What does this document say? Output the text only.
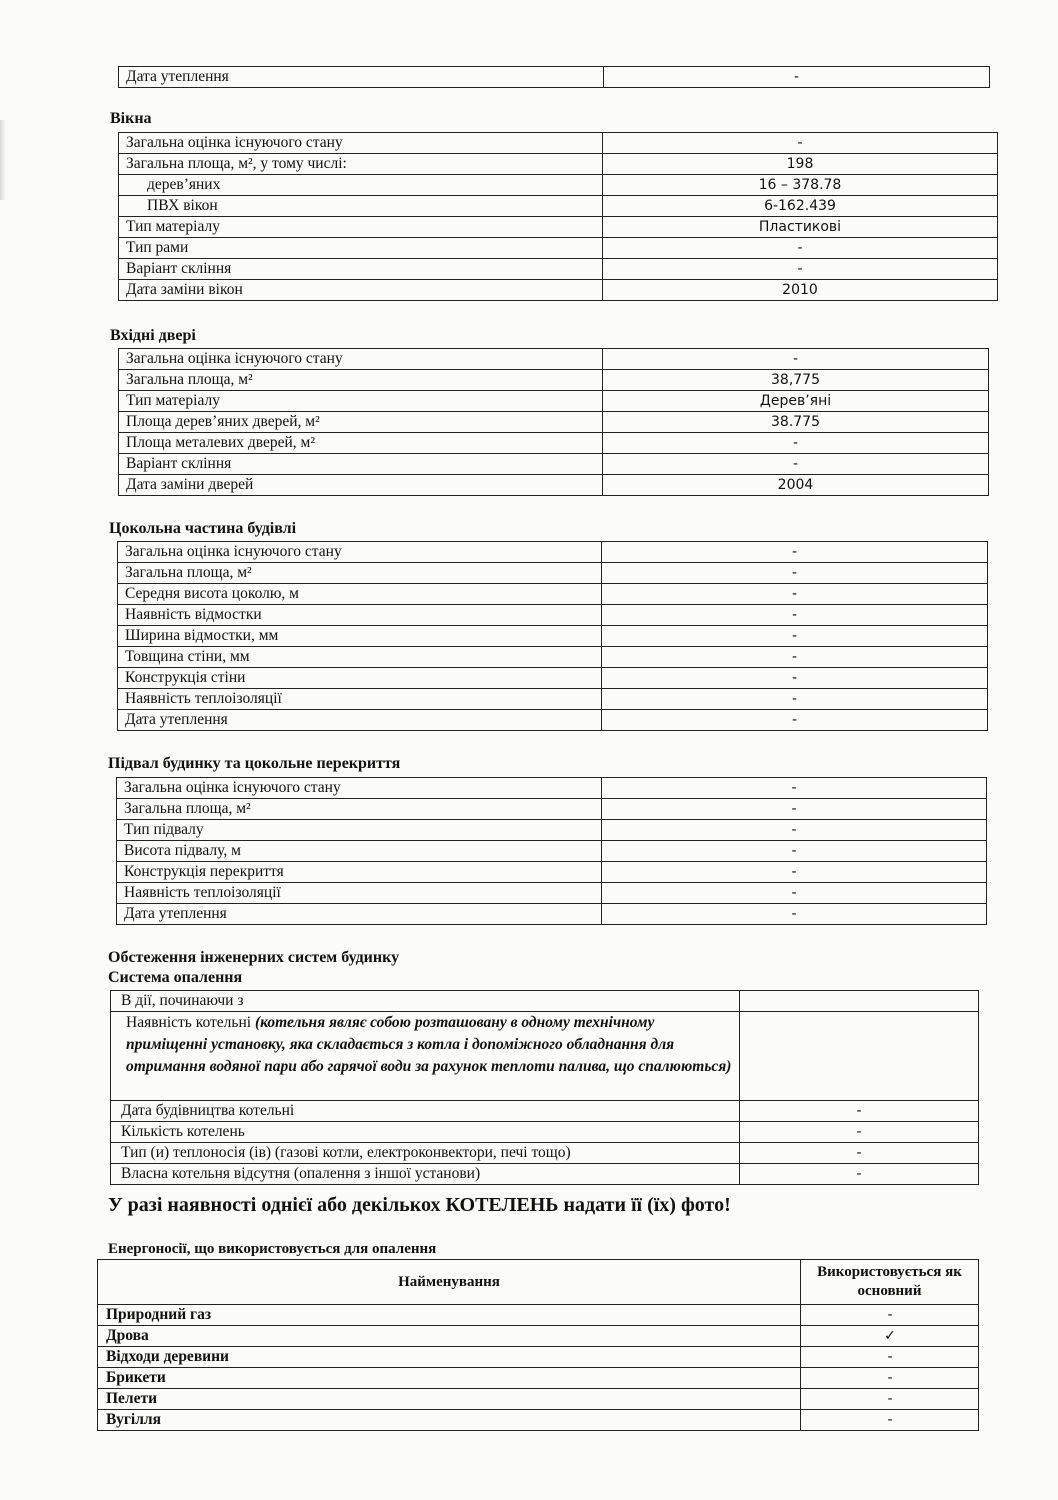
Дата утеплення	-
Вікна
Загальна оцінка існуючого стану	-
Загальна площа, м², у тому числі:	198
дерев’яних	16 – 378.78
ПВХ вікон	6-162.439
Тип матеріалу	Пластикові
Тип рами	-
Варіант скління	-
Дата заміни вікон	2010
Вхідні двері
Загальна оцінка існуючого стану	-
Загальна площа, м²	38,775
Тип матеріалу	Дерев’яні
Площа дерев’яних дверей, м²	38.775
Площа металевих дверей, м²	-
Варіант скління	-
Дата заміни дверей	2004
Цокольна частина будівлі
Загальна оцінка існуючого стану	-
Загальна площа, м²	-
Середня висота цоколю, м	-
Наявність відмостки	-
Ширина відмостки, мм	-
Товщина стіни, мм	-
Конструкція стіни	-
Наявність теплоізоляції	-
Дата утеплення	-
Підвал будинку та цокольне перекриття
Загальна оцінка існуючого стану	-
Загальна площа, м²	-
Тип підвалу	-
Висота підвалу, м	-
Конструкція перекриття	-
Наявність теплоізоляції	-
Дата утеплення	-
Обстеження інженерних систем будинку
Система опалення
В дії, починаючи з	
Наявність котельні (котельня являє собою розташовану в одному технічному приміщенні установку, яка складається з котла і допоміжного обладнання для отримання водяної пари або гарячої води за рахунок теплоти палива, що спалюються)	
Дата будівництва котельні	-
Кількість котелень	-
Тип (и) теплоносія (ів) (газові котли, електроконвектори, печі тощо)	-
Власна котельня відсутня (опалення з іншої установи)	-
У разі наявності однієї або декількох КОТЕЛЕНЬ надати її (їх) фото!
Енергоносії, що використовується для опалення
Найменування	Використовується як основний
Природний газ	-
Дрова	✓
Відходи деревини	-
Брикети	-
Пелети	-
Вугілля	-
